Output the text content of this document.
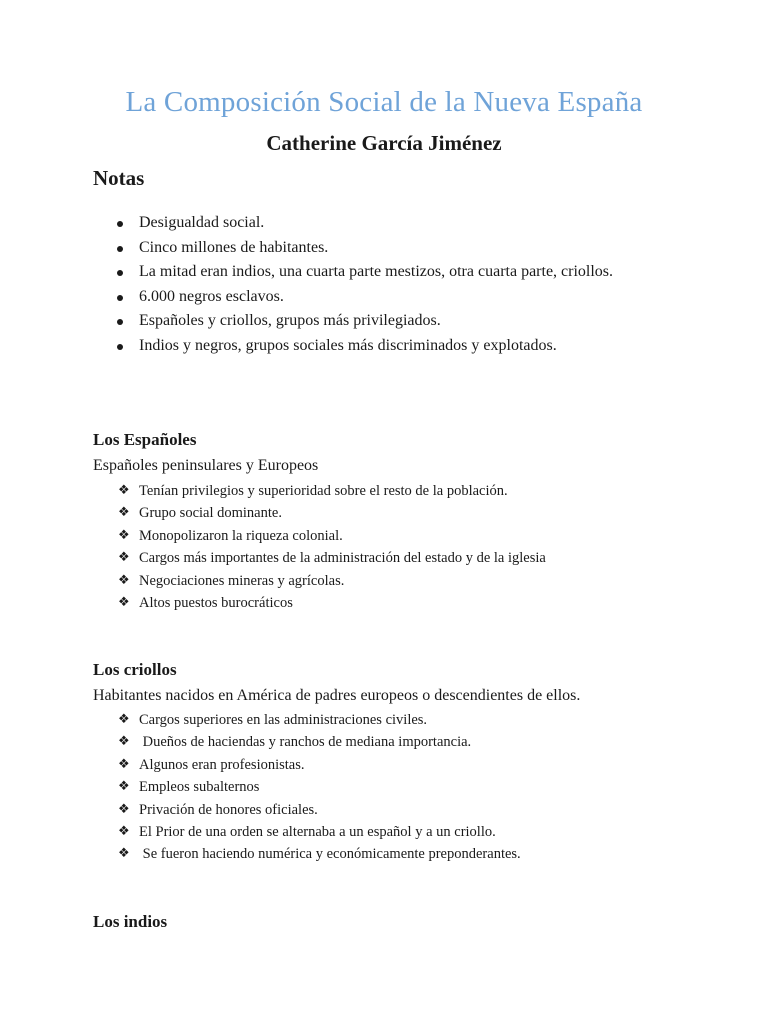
La Composición Social de la Nueva España
Catherine García Jiménez
Notas
Desigualdad social.
Cinco millones de habitantes.
La mitad eran indios, una cuarta parte mestizos, otra cuarta parte, criollos.
6.000 negros esclavos.
Españoles y criollos, grupos más privilegiados.
Indios y negros, grupos sociales más discriminados y explotados.
Los Españoles
Españoles peninsulares y Europeos
❖ Tenían privilegios y superioridad sobre el resto de la población.
❖ Grupo social dominante.
❖ Monopolizaron la riqueza colonial.
❖ Cargos más importantes de la administración del estado y de la iglesia
❖ Negociaciones mineras y agrícolas.
❖ Altos puestos burocráticos
Los criollos
Habitantes nacidos en América de padres europeos o descendientes de ellos.
❖ Cargos superiores en las administraciones civiles.
❖ Dueños de haciendas y ranchos de mediana importancia.
❖ Algunos eran profesionistas.
❖ Empleos subalternos
❖ Privación de honores oficiales.
❖ El Prior de una orden se alternaba a un español y a un criollo.
❖ Se fueron haciendo numérica y económicamente preponderantes.
Los indios
